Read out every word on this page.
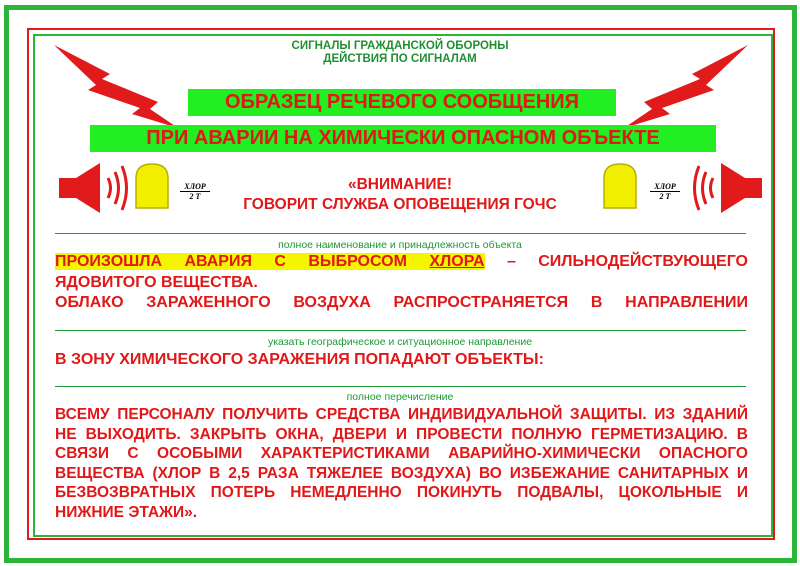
СИГНАЛЫ ГРАЖДАНСКОЙ ОБОРОНЫ
ДЕЙСТВИЯ ПО СИГНАЛАМ
ОБРАЗЕЦ РЕЧЕВОГО СООБЩЕНИЯ
ПРИ АВАРИИ НА ХИМИЧЕСКИ ОПАСНОМ ОБЪЕКТЕ
ХЛОР
2 Т
ХЛОР
2 Т
«ВНИМАНИЕ!
ГОВОРИТ СЛУЖБА ОПОВЕЩЕНИЯ ГОЧС
полное наименование и принадлежность объекта
ПРОИЗОШЛА АВАРИЯ С ВЫБРОСОМ ХЛОРА – СИЛЬНОДЕЙСТВУЮЩЕГО
ЯДОВИТОГО ВЕЩЕСТВА.
ОБЛАКО ЗАРАЖЕННОГО ВОЗДУХА РАСПРОСТРАНЯЕТСЯ В НАПРАВЛЕНИИ
указать географическое и ситуационное направление
В ЗОНУ ХИМИЧЕСКОГО ЗАРАЖЕНИЯ ПОПАДАЮТ ОБЪЕКТЫ:
полное перечисление
ВСЕМУ ПЕРСОНАЛУ ПОЛУЧИТЬ СРЕДСТВА ИНДИВИДУАЛЬНОЙ ЗАЩИТЫ. ИЗ ЗДАНИЙ НЕ ВЫХОДИТЬ. ЗАКРЫТЬ ОКНА, ДВЕРИ И ПРОВЕСТИ ПОЛНУЮ ГЕРМЕТИЗАЦИЮ. В СВЯЗИ С ОСОБЫМИ ХАРАКТЕРИСТИКАМИ АВАРИЙНО-ХИМИЧЕСКИ ОПАСНОГО ВЕЩЕСТВА (ХЛОР В 2,5 РАЗА ТЯЖЕЛЕЕ ВОЗДУХА) ВО ИЗБЕЖАНИЕ САНИТАРНЫХ И БЕЗВОЗВРАТНЫХ ПОТЕРЬ НЕМЕДЛЕННО ПОКИНУТЬ ПОДВАЛЫ, ЦОКОЛЬНЫЕ И НИЖНИЕ ЭТАЖИ».
